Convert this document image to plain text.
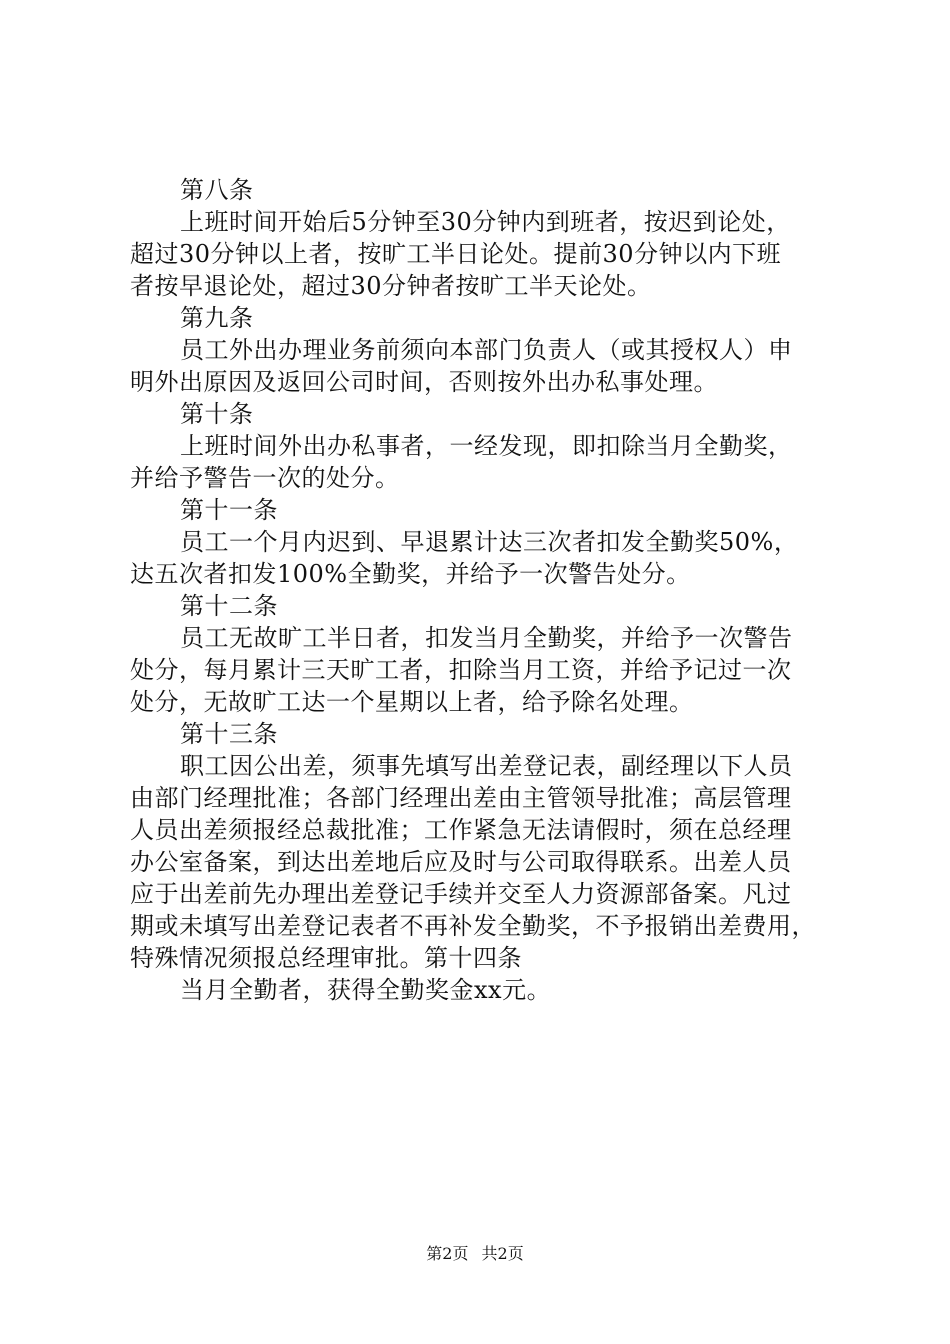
第八条
上班时间开始后5分钟至30分钟内到班者，按迟到论处，
超过30分钟以上者，按旷工半日论处。提前30分钟以内下班
者按早退论处，超过30分钟者按旷工半天论处。
第九条
员工外出办理业务前须向本部门负责人（或其授权人）申
明外出原因及返回公司时间，否则按外出办私事处理。
第十条
上班时间外出办私事者，一经发现，即扣除当月全勤奖，
并给予警告一次的处分。
第十一条
员工一个月内迟到、早退累计达三次者扣发全勤奖50%，
达五次者扣发100%全勤奖，并给予一次警告处分。
第十二条
员工无故旷工半日者，扣发当月全勤奖，并给予一次警告
处分，每月累计三天旷工者，扣除当月工资，并给予记过一次
处分，无故旷工达一个星期以上者，给予除名处理。
第十三条
职工因公出差，须事先填写出差登记表，副经理以下人员
由部门经理批准；各部门经理出差由主管领导批准；高层管理
人员出差须报经总裁批准；工作紧急无法请假时，须在总经理
办公室备案，到达出差地后应及时与公司取得联系。出差人员
应于出差前先办理出差登记手续并交至人力资源部备案。凡过
期或未填写出差登记表者不再补发全勤奖，不予报销出差费用，
特殊情况须报总经理审批。第十四条
当月全勤者，获得全勤奖金xx元。
第2页 共2页
